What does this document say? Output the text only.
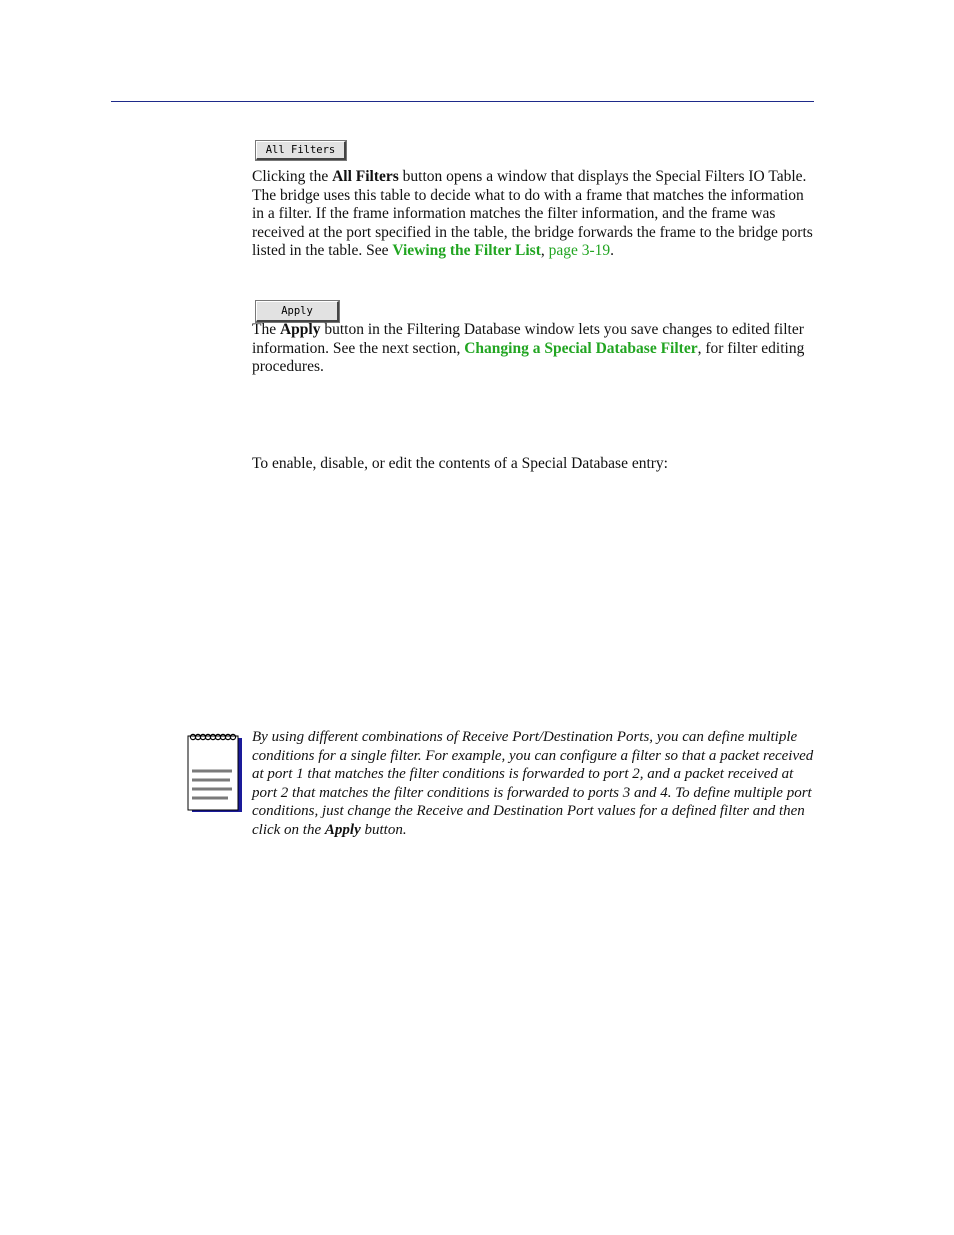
All Filters

Clicking the All Filters button opens a window that displays the Special Filters IO Table. The bridge uses this table to decide what to do with a frame that matches the information in a filter. If the frame information matches the filter information, and the frame was received at the port specified in the table, the bridge forwards the frame to the bridge ports listed in the table. See Viewing the Filter List, page 3-19.

Apply

The Apply button in the Filtering Database window lets you save changes to edited filter information. See the next section, Changing a Special Database Filter, for filter editing procedures.

To enable, disable, or edit the contents of a Special Database entry:

By using different combinations of Receive Port/Destination Ports, you can define multiple conditions for a single filter. For example, you can configure a filter so that a packet received at port 1 that matches the filter conditions is forwarded to port 2, and a packet received at port 2 that matches the filter conditions is forwarded to ports 3 and 4. To define multiple port conditions, just change the Receive and Destination Port values for a defined filter and then click on the Apply button.
